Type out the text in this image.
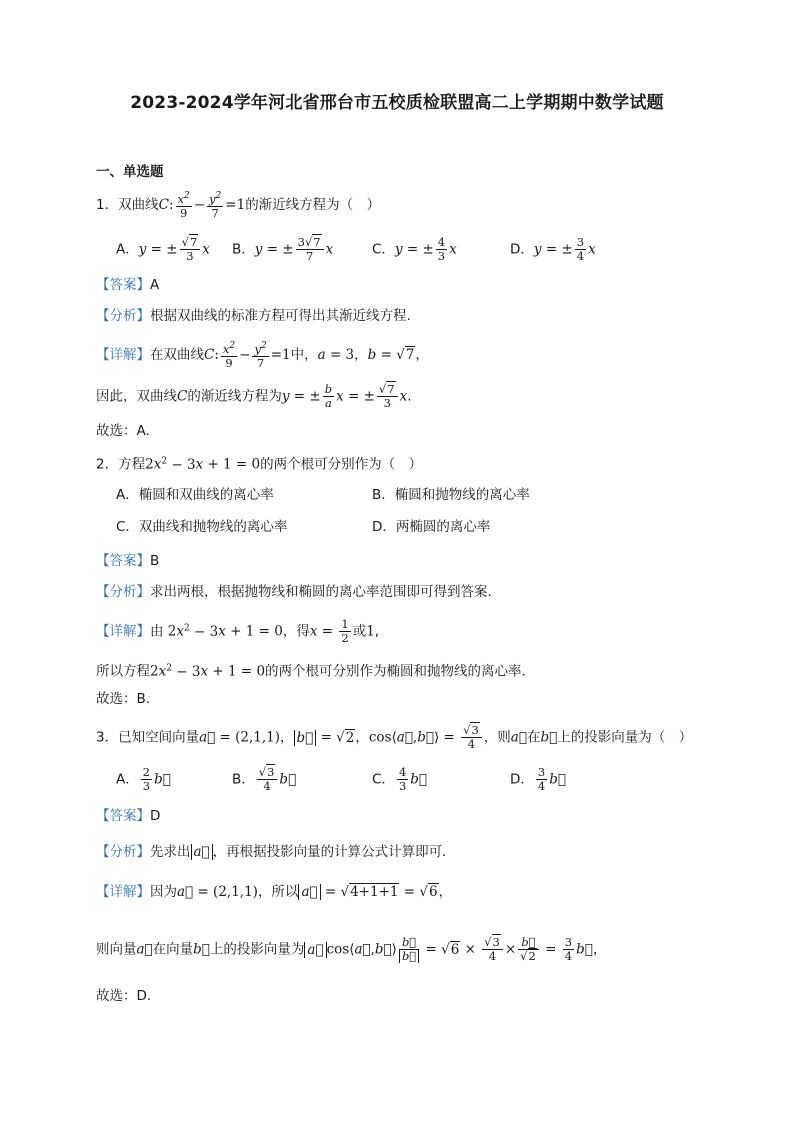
2023-2024学年河北省邢台市五校质检联盟高二上学期期中数学试题
一、单选题
1．双曲线C: $\frac{x^2}{9} - \frac{y^2}{7} =1$的渐近线方程为（　）
A．y = ± $\frac{√7}{3}$ x B．y = ± $\frac{3√7}{7}$ x	C．y = ± $\frac{4}{3}$ x	D．y = ± $\frac{3}{4}$ x
【答案】A
【分析】根据双曲线的标准方程可得出其渐近线方程.
【详解】在双曲线C: $\frac{x^2}{9} - \frac{y^2}{7} =1$中，a = 3，b = √7，
因此，双曲线C的渐近线方程为y = ± $\frac{b}{a}$ x = ± $\frac{√7}{3} x$.
故选：A.
2．方程$2x^2 - 3x + 1 = 0$的两个根可分别作为（　）
A．椭圆和双曲线的离心率	B．椭圆和抛物线的离心率
C．双曲线和抛物线的离心率	D．两椭圆的离心率
【答案】B
【分析】求出两根，根据抛物线和椭圆的离心率范围即可得到答案.
【详解】由 $2x^2 - 3x + 1 = 0$，得$x = \frac{1}{2}$ 或1,
所以方程$2x^2 - 3x + 1 = 0$的两个根可分别作为椭圆和抛物线的离心率．
故选：B.
3．已知空间向量a⃗ = (2,1,1)， b⃗ = √2，cos⟨a⃗,b⃗⟩ = $\frac{√3}{4}$ ，则a⃗在b⃗上的投影向量为（　）
A． $\frac{2}{3}$ b⃗	B． $\frac{√3}{4}$ b⃗	C． $\frac{4}{3}$ b⃗	D． $\frac{3}{4}$ b⃗
【答案】D
【分析】先求出 a⃗ ，再根据投影向量的计算公式计算即可．
【详解】因为a⃗ = (2,1,1)，所以 a⃗ = √4+1+1 = √6，
则向量a⃗在向量b⃗上的投影向量为 a⃗ cos⟨a⃗,b⃗⟩ $\frac{b⃗}{b⃗} = √6 \times \frac{√3}{4} \times \frac{b⃗}{√2} = \frac{3}{4}$ b⃗，
故选：D.
